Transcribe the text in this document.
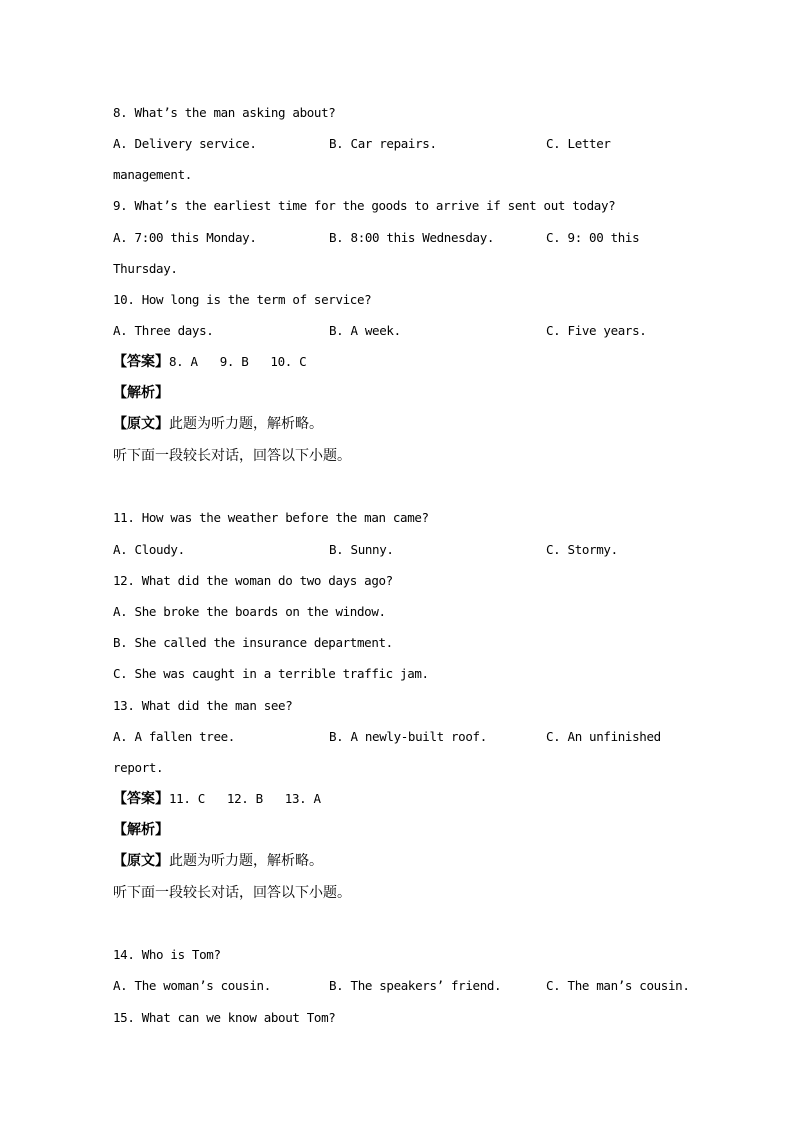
8. What’s the man asking about?
A. Delivery service.	B. Car repairs.	C. Letter
management.
9. What’s the earliest time for the goods to arrive if sent out today?
A. 7:00 this Monday.	B. 8:00 this Wednesday.	C. 9: 00 this
Thursday.
10. How long is the term of service?
A. Three days.	B. A week.	C. Five years.
【答案】8. A 9. B 10. C
【解析】
【原文】此题为听力题，解析略。
听下面一段较长对话，回答以下小题。
11. How was the weather before the man came?
A. Cloudy.	B. Sunny.	C. Stormy.
12. What did the woman do two days ago?
A. She broke the boards on the window.
B. She called the insurance department.
C. She was caught in a terrible traffic jam.
13. What did the man see?
A. A fallen tree.	B. A newly-built roof.	C. An unfinished
report.
【答案】11. C 12. B 13. A
【解析】
【原文】此题为听力题，解析略。
听下面一段较长对话，回答以下小题。
14. Who is Tom?
A. The woman’s cousin.	B. The speakers’ friend.	C. The man’s cousin.
15. What can we know about Tom?
